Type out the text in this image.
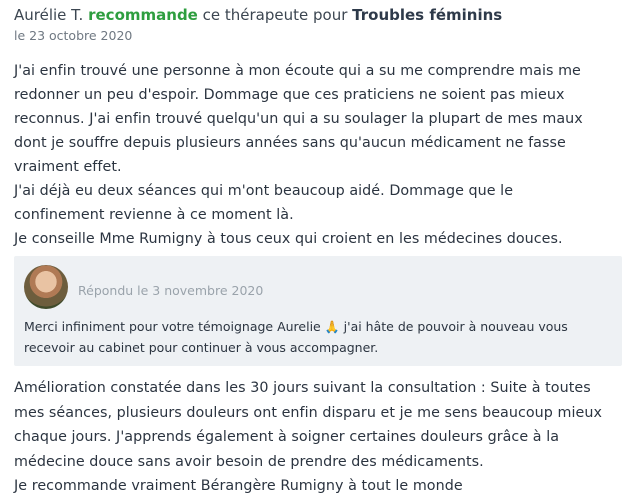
Aurélie T. recommande ce thérapeute pour Troubles féminins
le 23 octobre 2020

J'ai enfin trouvé une personne à mon écoute qui a su me comprendre mais me

redonner un peu d'espoir. Dommage que ces praticiens ne soient pas mieux

reconnus. J'ai enfin trouvé quelqu'un qui a su soulager la plupart de mes maux

dont je souffre depuis plusieurs années sans qu'aucun médicament ne fasse

vraiment effet.

J'ai déjà eu deux séances qui m'ont beaucoup aidé. Dommage que le

confinement revienne à ce moment là.

Je conseille Mme Rumigny à tous ceux qui croient en les médecines douces.

Répondu le 3 novembre 2020

Merci infiniment pour votre témoignage Aurelie 🙏 j'ai hâte de pouvoir à nouveau vous

recevoir au cabinet pour continuer à vous accompagner.

Amélioration constatée dans les 30 jours suivant la consultation : Suite à toutes

mes séances, plusieurs douleurs ont enfin disparu et je me sens beaucoup mieux

chaque jours. J'apprends également à soigner certaines douleurs grâce à la

médecine douce sans avoir besoin de prendre des médicaments.

Je recommande vraiment Bérangère Rumigny à tout le monde
